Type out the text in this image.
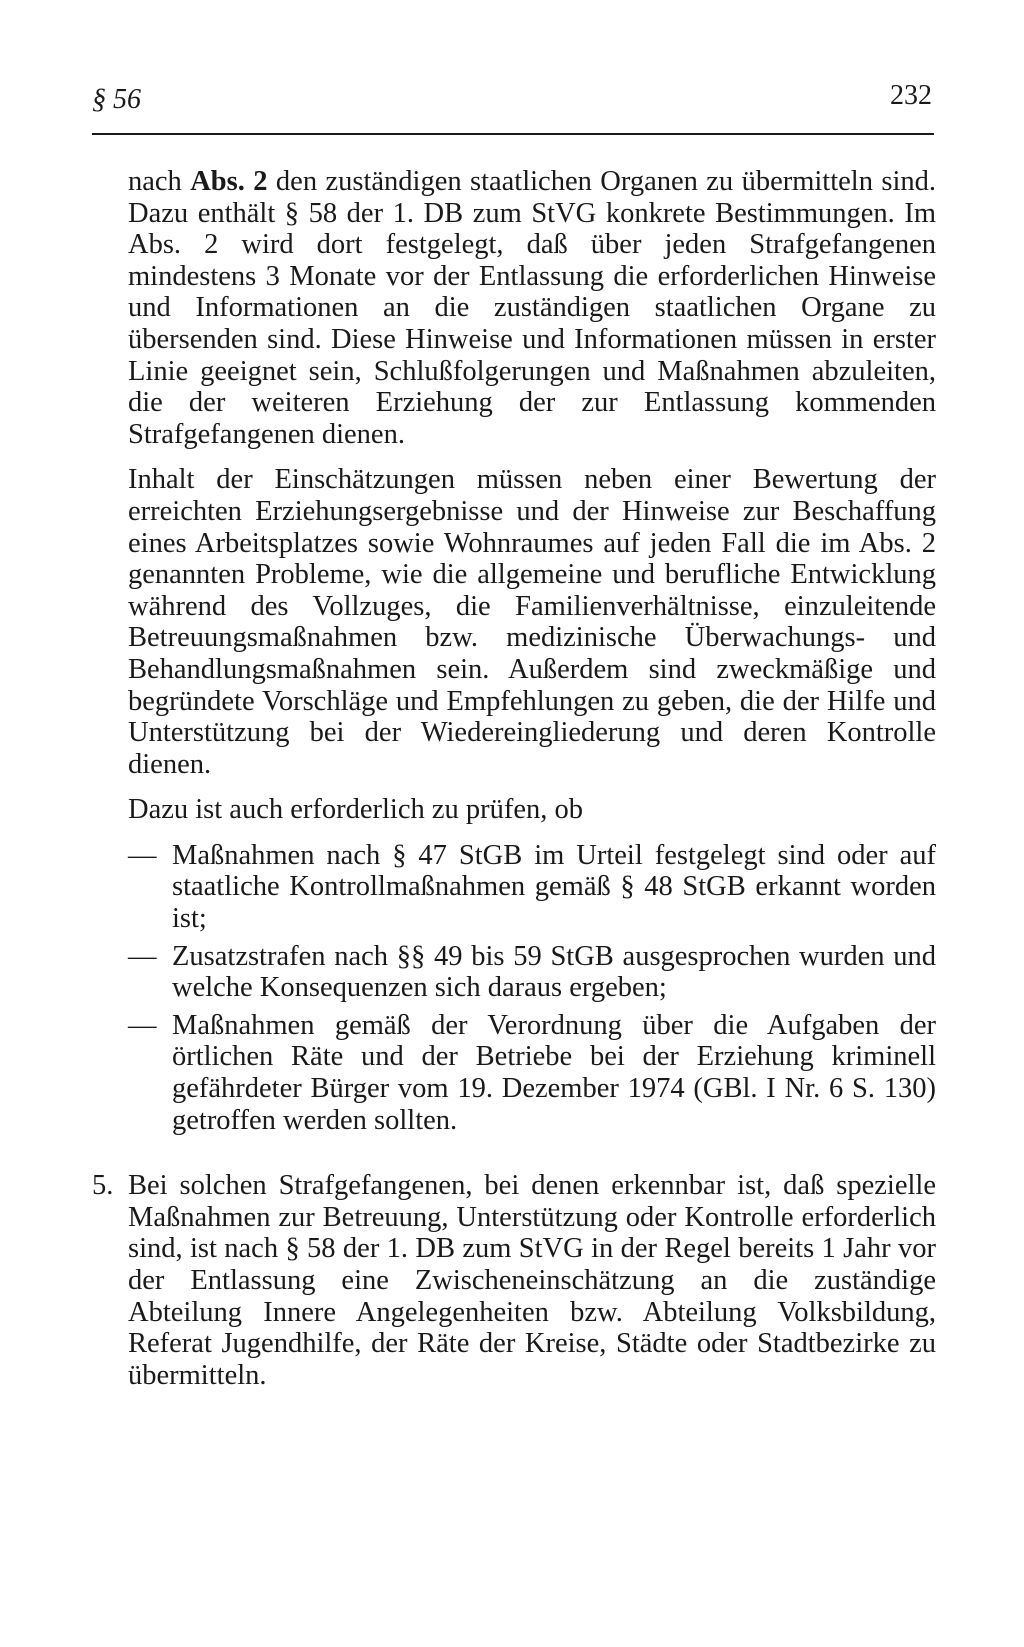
§ 56	232

nach Abs. 2 den zuständigen staatlichen Organen zu übermitteln sind. Dazu enthält § 58 der 1. DB zum StVG konkrete Bestimmungen. Im Abs. 2 wird dort festgelegt, daß über jeden Strafgefangenen mindestens 3 Monate vor der Entlassung die erforderlichen Hinweise und Informationen an die zuständigen staatlichen Organe zu übersenden sind. Diese Hinweise und Informationen müssen in erster Linie geeignet sein, Schlußfolgerungen und Maßnahmen abzuleiten, die der weiteren Erziehung der zur Entlassung kommenden Strafgefangenen dienen.

Inhalt der Einschätzungen müssen neben einer Bewertung der erreichten Erziehungsergebnisse und der Hinweise zur Beschaffung eines Arbeitsplatzes sowie Wohnraumes auf jeden Fall die im Abs. 2 genannten Probleme, wie die allgemeine und berufliche Entwicklung während des Vollzuges, die Familienverhältnisse, einzuleitende Betreuungsmaßnahmen bzw. medizinische Überwachungs- und Behandlungsmaßnahmen sein. Außerdem sind zweckmäßige und begründete Vorschläge und Empfehlungen zu geben, die der Hilfe und Unterstützung bei der Wiedereingliederung und deren Kontrolle dienen.

Dazu ist auch erforderlich zu prüfen, ob

— Maßnahmen nach § 47 StGB im Urteil festgelegt sind oder auf staatliche Kontrollmaßnahmen gemäß § 48 StGB erkannt worden ist;
— Zusatzstrafen nach §§ 49 bis 59 StGB ausgesprochen wurden und welche Konsequenzen sich daraus ergeben;
— Maßnahmen gemäß der Verordnung über die Aufgaben der örtlichen Räte und der Betriebe bei der Erziehung kriminell gefährdeter Bürger vom 19. Dezember 1974 (GBl. I Nr. 6 S. 130) getroffen werden sollten.
5. Bei solchen Strafgefangenen, bei denen erkennbar ist, daß spezielle Maßnahmen zur Betreuung, Unterstützung oder Kontrolle erforderlich sind, ist nach § 58 der 1. DB zum StVG in der Regel bereits 1 Jahr vor der Entlassung eine Zwischeneinschätzung an die zuständige Abteilung Innere Angelegenheiten bzw. Abteilung Volksbildung, Referat Jugendhilfe, der Räte der Kreise, Städte oder Stadtbezirke zu übermitteln.
